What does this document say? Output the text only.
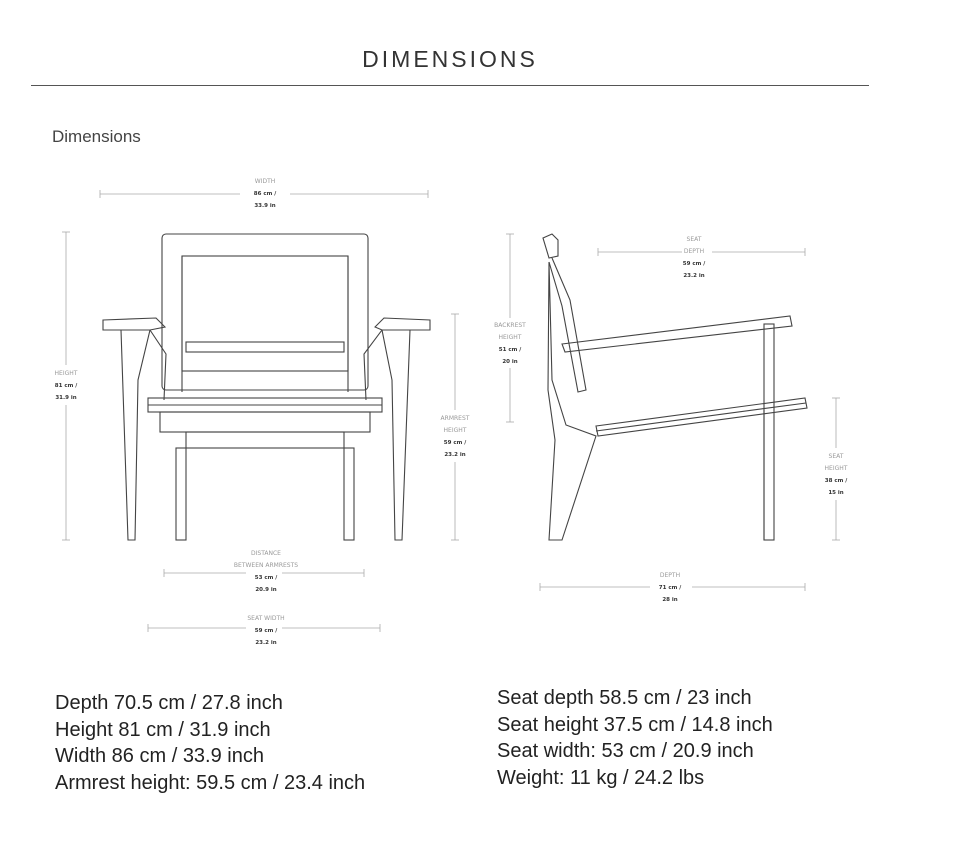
DIMENSIONS
Dimensions
WIDTH
86 cm /
33.9 in
HEIGHT
81 cm /
31.9 in
ARMREST
HEIGHT
59 cm /
23.2 in
DISTANCE
BETWEEN ARMRESTS
53 cm /
20.9 in
SEAT WIDTH
59 cm /
23.2 in
SEAT
DEPTH
59 cm /
23.2 in
BACKREST
HEIGHT
51 cm /
20 in
SEAT
HEIGHT
38 cm /
15 in
DEPTH
71 cm /
28 in
Depth 70.5 cm / 27.8 inch
Height 81 cm / 31.9 inch
Width 86 cm / 33.9 inch
Armrest height: 59.5 cm / 23.4 inch
Seat depth 58.5 cm / 23 inch
Seat height 37.5 cm / 14.8 inch
Seat width: 53 cm / 20.9 inch
Weight: 11 kg / 24.2 lbs
